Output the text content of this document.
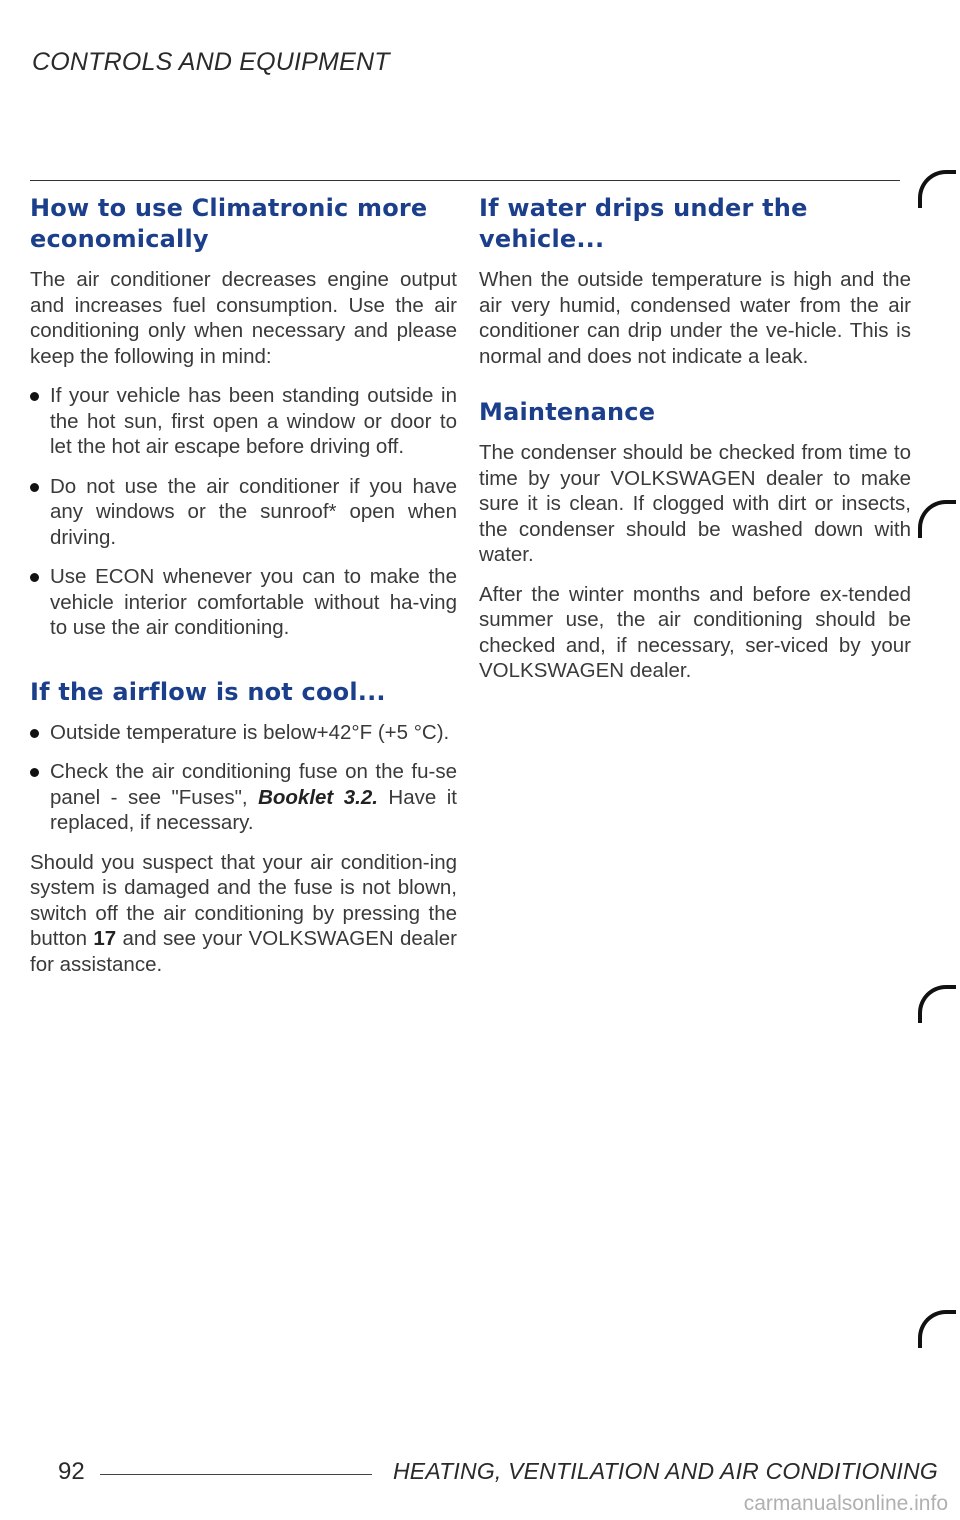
CONTROLS AND EQUIPMENT
How to use Climatronic more economically

The air conditioner decreases engine output and increases fuel consumption. Use the air conditioning only when necessary and please keep the following in mind:

If your vehicle has been standing outside in the hot sun, first open a window or door to let the hot air escape before driving off.

Do not use the air conditioner if you have any windows or the sunroof* open when driving.

Use ECON whenever you can to make the vehicle interior comfortable without ha-ving to use the air conditioning.

If the airflow is not cool...

Outside temperature is below+42°F (+5 °C).

Check the air conditioning fuse on the fu-se panel - see "Fuses", Booklet 3.2. Have it replaced, if necessary.

Should you suspect that your air condition-ing system is damaged and the fuse is not blown, switch off the air conditioning by pressing the button 17 and see your VOLKSWAGEN dealer for assistance.

If water drips under the vehicle...

When the outside temperature is high and the air very humid, condensed water from the air conditioner can drip under the ve-hicle. This is normal and does not indicate a leak.

Maintenance

The condenser should be checked from time to time by your VOLKSWAGEN dealer to make sure it is clean. If clogged with dirt or insects, the condenser should be washed down with water.

After the winter months and before ex-tended summer use, the air conditioning should be checked and, if necessary, ser-viced by your VOLKSWAGEN dealer.

92	HEATING, VENTILATION AND AIR CONDITIONING
carmanualsonline.info
